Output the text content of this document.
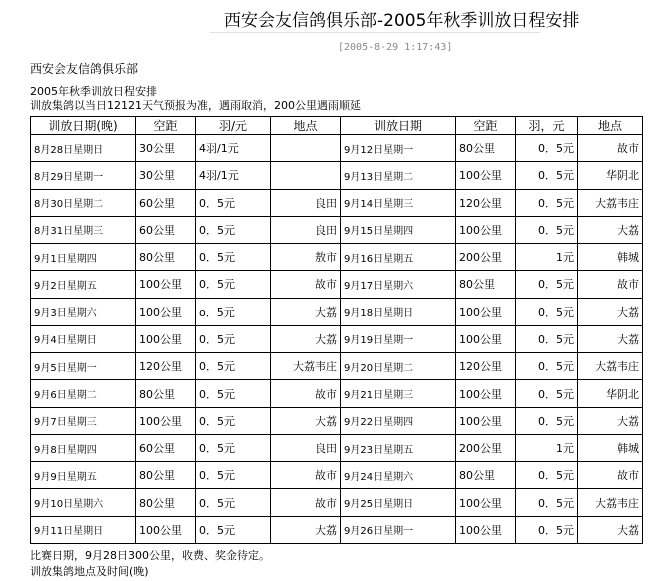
西安会友信鸽俱乐部-2005年秋季训放日程安排
[2005-8-29 1:17:43]
西安会友信鸽俱乐部
2005年秋季训放日程安排
训放集鸽以当日12121天气预报为准，遇雨取消，200公里遇雨顺延
训放日期(晚)	空距	羽/元	地点	训放日期	空距	羽，元	地点
8月28日星期日	30公里	4羽/1元		9月12日星期一	80公里	0．5元	故市
8月29日星期一	30公里	4羽/1元		9月13日星期二	100公里	0．5元	华阴北
8月30日星期二	60公里	0．5元	良田	9月14日星期三	120公里	0．5元	大荔韦庄
8月31日星期三	60公里	0．5元	良田	9月15日星期四	100公里	0．5元	大荔
9月1日星期四	80公里	0．5元	敖市	9月16日星期五	200公里	1元	韩城
9月2日星期五	100公里	0．5元	故市	9月17日星期六	80公里	0．5元	故市
9月3日星期六	100公里	o．5元	大荔	9月18日星期日	100公里	0．5元	大荔
9月4日星期日	100公里	0．5元	大荔	9月19日星期一	100公里	0．5元	大荔
9月5日星期一	120公里	0．5元	大荔韦庄	9月20日星期二	120公里	0．5元	大荔韦庄
9月6日星期二	80公里	0．5元	故市	9月21日星期三	100公里	0．5元	华阴北
9月7日星期三	100公里	0．5元	大荔	9月22日星期四	100公里	0．5元	大荔
9月8日星期四	60公里	0．5元	良田	9月23日星期五	200公里	1元	韩城
9月9日星期五	80公里	0．5元	故市	9月24日星期六	80公里	0．5元	故市
9月10日星期六	80公里	0．5元	故市	9月25日星期日	100公里	0．5元	大荔韦庄
9月11日星期日	100公里	0．5元	大荔	9月26日星期一	100公里	0．5元	大荔
比赛日期，9月28日300公里，收费、奖金待定。
训放集鸽地点及时间(晚)
